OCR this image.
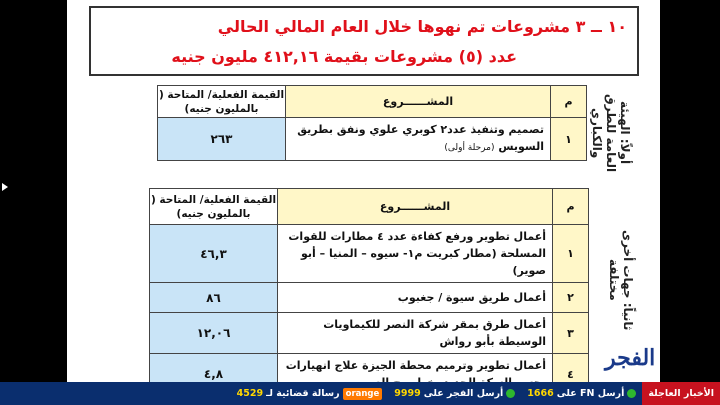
١٠ ــ ٣ مشروعات تم نهوها خلال العام المالي الحالي
عدد (٥) مشروعات بقيمة ٤١٢,١٦ مليون جنيه
أولاً: الهيئة العامة للطرق والكباري
ثانياً: جهات أخرى مختلفة
م	المشــــــروع	القيمة الفعلية/ المتاحة ( بالمليون جنيه)
١	تصميم وتنفيذ عدد٢ كوبري علوي ونفق بطريق السويس (مرحلة أولى)	٢٦٣
م	المشــــــروع	القيمة الفعلية/ المتاحة ( بالمليون جنيه)
١	أعمال تطوير ورفع كفاءة عدد ٤ مطارات للقوات المسلحة (مطار كبريت م١- سيوه – المنيا – أبو صوير)	٤٦,٣
٢	أعمال طريق سيوة / جغبوب	٨٦
٣	أعمال طرق بمقر شركة النصر للكيماويات الوسيطة بأبو رواش	١٢,٠٦
٤	أعمال تطوير وترميم محطة الجيزة علاج انهيارات	٤,٨
الفجر
الأخبار العاجلة
أرسل FN على
1666
أرسل الفجر على
9999
orange
رسالة قضائية لـ
4529
